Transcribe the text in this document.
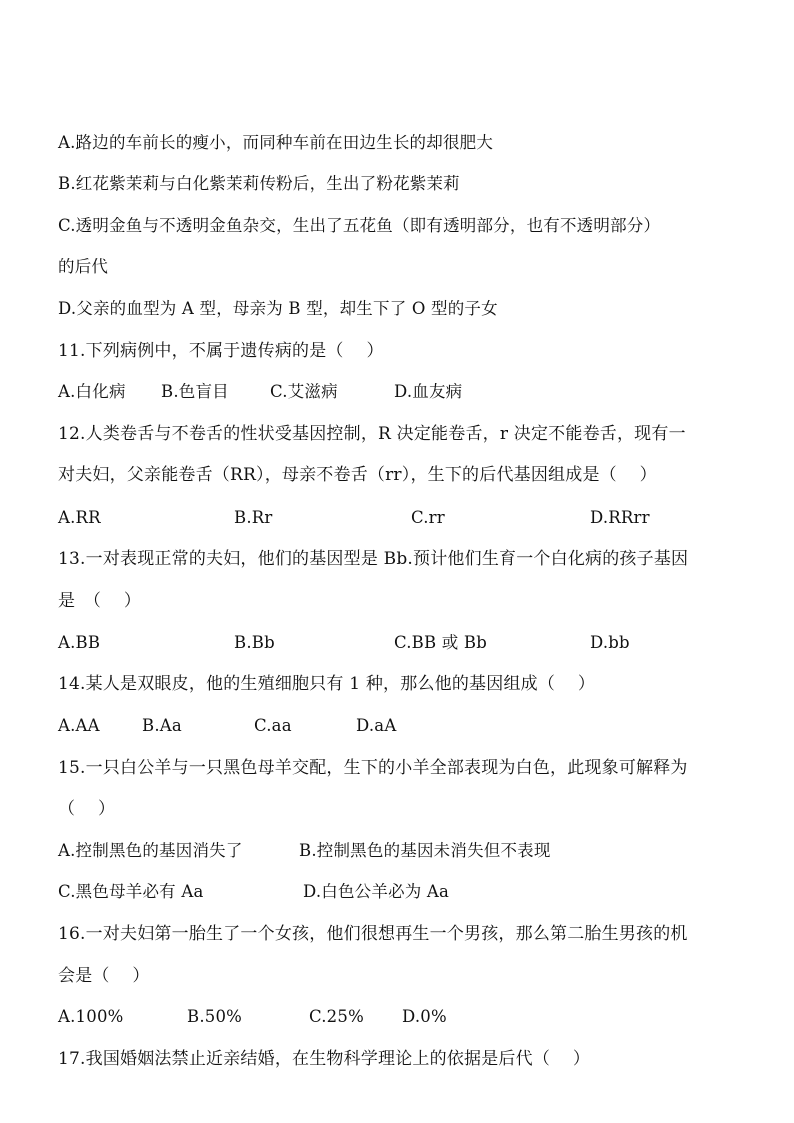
A.路边的车前长的瘦小，而同种车前在田边生长的却很肥大
B.红花紫茉莉与白化紫茉莉传粉后，生出了粉花紫茉莉
C.透明金鱼与不透明金鱼杂交，生出了五花鱼（即有透明部分，也有不透明部分）
的后代
D.父亲的血型为 A 型，母亲为 B 型，却生下了 O 型的子女
11.下列病例中，不属于遗传病的是（　 ）
A.白化病 B.色盲目 C.艾滋病	D.血友病
12.人类卷舌与不卷舌的性状受基因控制，R 决定能卷舌，r 决定不能卷舌，现有一
对夫妇，父亲能卷舌（RR），母亲不卷舌（rr），生下的后代基因组成是（　 ）
A.RR	B.Rr	C.rr	D.RRrr
13.一对表现正常的夫妇，他们的基因型是 Bb.预计他们生育一个白化病的孩子基因
是　（　 ）
A.BB	B.Bb	C.BB 或 Bb	D.bb
14.某人是双眼皮，他的生殖细胞只有 1 种，那么他的基因组成（　 ）
A.AA	B.Aa	C.aa	D.aA
15.一只白公羊与一只黑色母羊交配，生下的小羊全部表现为白色，此现象可解释为
（　 ）
A.控制黑色的基因消失了	B.控制黑色的基因未消失但不表现
C.黑色母羊必有 Aa	D.白色公羊必为 Aa
16.一对夫妇第一胎生了一个女孩，他们很想再生一个男孩，那么第二胎生男孩的机
会是（　 ）
A.100%	B.50%	C.25% D.0%
17.我国婚姻法禁止近亲结婚，在生物科学理论上的依据是后代（　 ）
